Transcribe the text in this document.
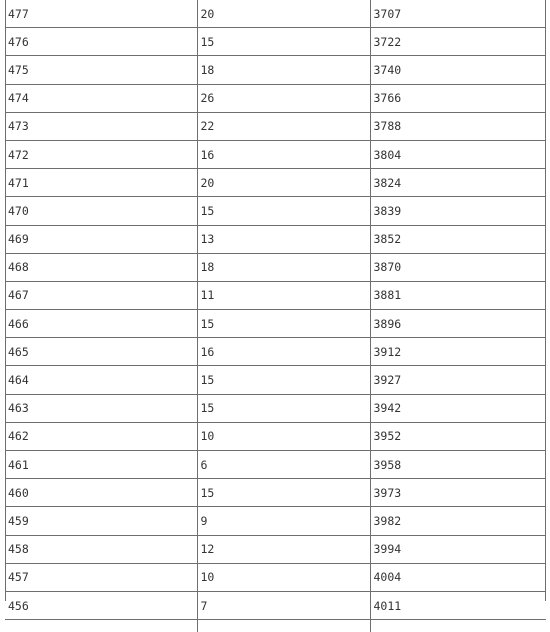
477	20	3707
476	15	3722
475	18	3740
474	26	3766
473	22	3788
472	16	3804
471	20	3824
470	15	3839
469	13	3852
468	18	3870
467	11	3881
466	15	3896
465	16	3912
464	15	3927
463	15	3942
462	10	3952
461	6	3958
460	15	3973
459	9	3982
458	12	3994
457	10	4004
456	7	4011
